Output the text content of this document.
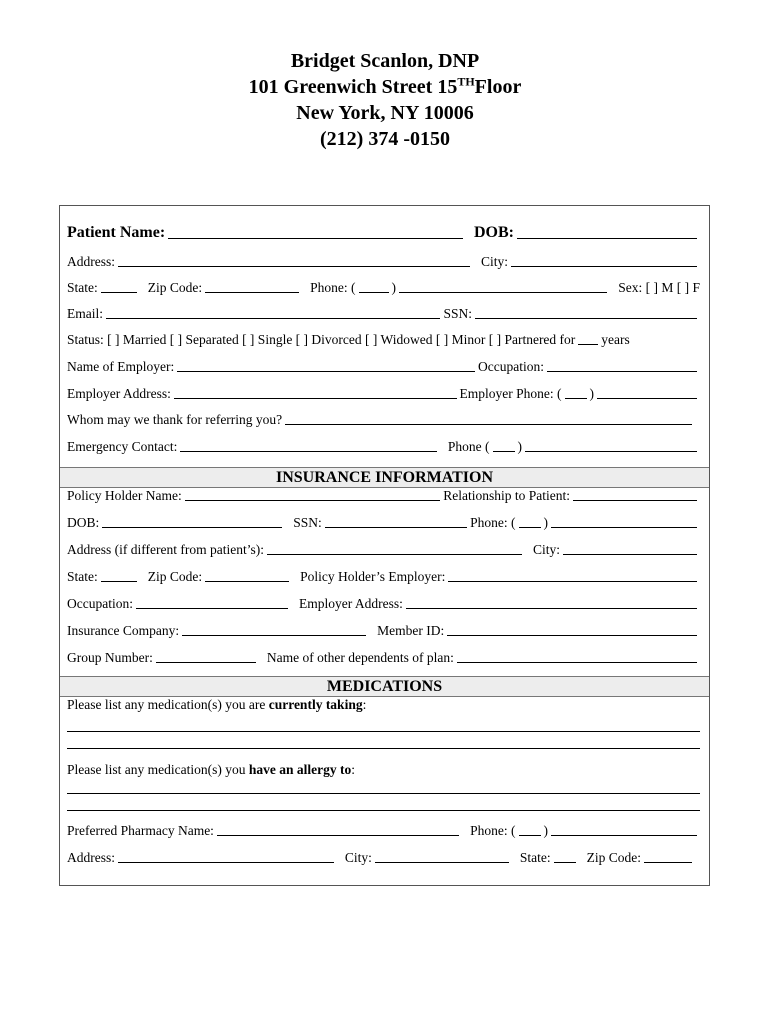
Bridget Scanlon, DNP
101 Greenwich Street 15THFloor
New York, NY 10006
(212) 374 -0150
Patient Name:	DOB:
Address:	City:
State:	Zip Code:	Phone: (	)	Sex: [ ] M [ ] F
Email:	SSN:
Status: [ ] Married [ ] Separated [ ] Single [ ] Divorced [ ] Widowed [ ] Minor [ ] Partnered for years
Name of Employer:	Occupation:
Employer Address:	Employer Phone: ( )
Whom may we thank for referring you?
Emergency Contact:	Phone ( )
INSURANCE INFORMATION
Policy Holder Name:	Relationship to Patient:
DOB:	SSN:	Phone: ( )
Address (if different from patient’s):	City:
State:	Zip Code:	Policy Holder’s Employer:
Occupation:	Employer Address:
Insurance Company:	Member ID:
Group Number:	Name of other dependents of plan:
MEDICATIONS
Please list any medication(s) you are currently taking:
Please list any medication(s) you have an allergy to:
Preferred Pharmacy Name:	Phone: ( )
Address:	City:	State:	Zip Code:
